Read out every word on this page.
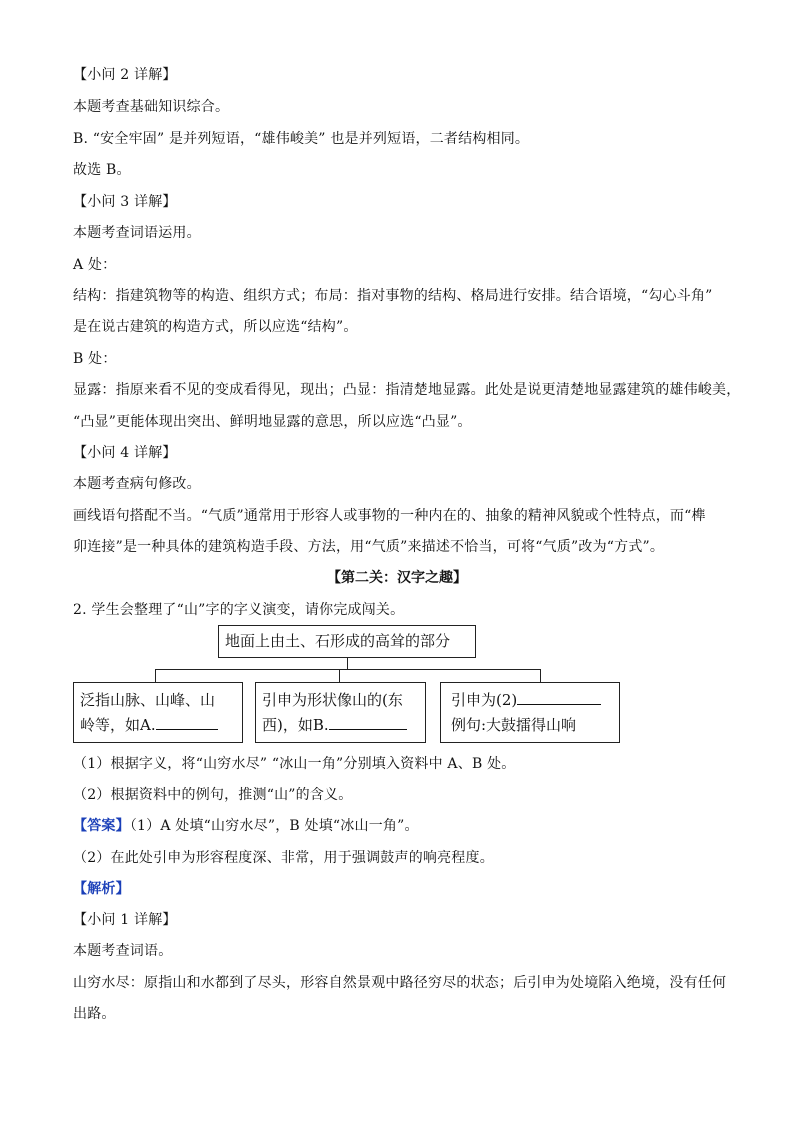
【小问 2 详解】
本题考查基础知识综合。
B. “安全牢固” 是并列短语，“雄伟峻美” 也是并列短语，二者结构相同。
故选 B。
【小问 3 详解】
本题考查词语运用。
A 处：
结构：指建筑物等的构造、组织方式；布局：指对事物的结构、格局进行安排。结合语境，“勾心斗角”
是在说古建筑的构造方式，所以应选“结构”。
B 处：
显露：指原来看不见的变成看得见，现出；凸显：指清楚地显露。此处是说更清楚地显露建筑的雄伟峻美，
“凸显”更能体现出突出、鲜明地显露的意思，所以应选“凸显”。
【小问 4 详解】
本题考查病句修改。
画线语句搭配不当。“气质”通常用于形容人或事物的一种内在的、抽象的精神风貌或个性特点，而“榫
卯连接”是一种具体的建筑构造手段、方法，用“气质”来描述不恰当，可将“气质”改为“方式”。
【第二关：汉字之趣】
2. 学生会整理了“山”字的字义演变，请你完成闯关。
地面上由土、石形成的高耸的部分
泛指山脉、山峰、山
岭等，如A.
引申为形状像山的(东
西)，如B.
引申为(2)
例句:大鼓擂得山响
（1）根据字义，将“山穷水尽” “冰山一角”分别填入资料中 A、B 处。
（2）根据资料中的例句，推测“山”的含义。
【答案】（1）A 处填“山穷水尽”，B 处填“冰山一角”。
（2）在此处引申为形容程度深、非常，用于强调鼓声的响亮程度。
【解析】
【小问 1 详解】
本题考查词语。
山穷水尽：原指山和水都到了尽头，形容自然景观中路径穷尽的状态；后引申为处境陷入绝境，没有任何
出路。
